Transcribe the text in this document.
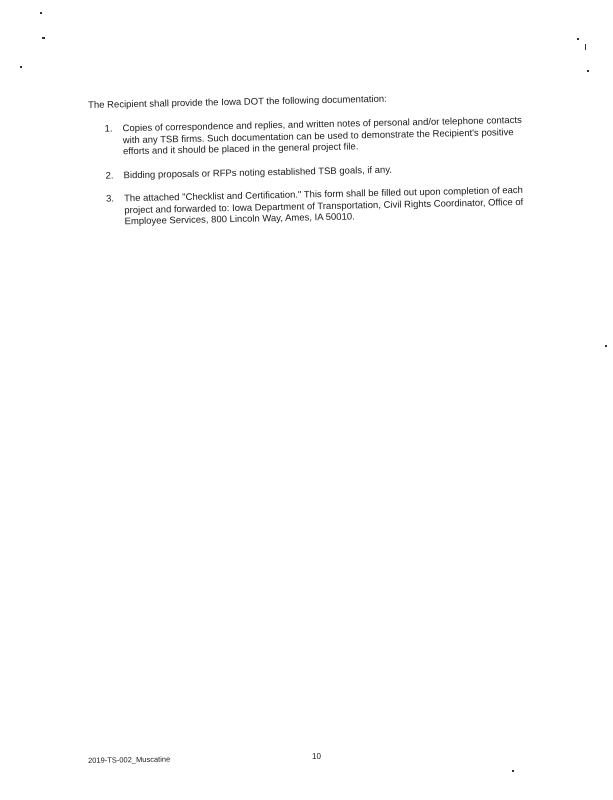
The Recipient shall provide the Iowa DOT the following documentation:

1.	Copies of correspondence and replies, and written notes of personal and/or telephone contacts with any TSB firms. Such documentation can be used to demonstrate the Recipient's positive efforts and it should be placed in the general project file.
2.	Bidding proposals or RFPs noting established TSB goals, if any.
3.	The attached "Checklist and Certification." This form shall be filled out upon completion of each project and forwarded to: Iowa Department of Transportation, Civil Rights Coordinator, Office of Employee Services, 800 Lincoln Way, Ames, IA 50010.
2019-TS-002_Muscatine	10
